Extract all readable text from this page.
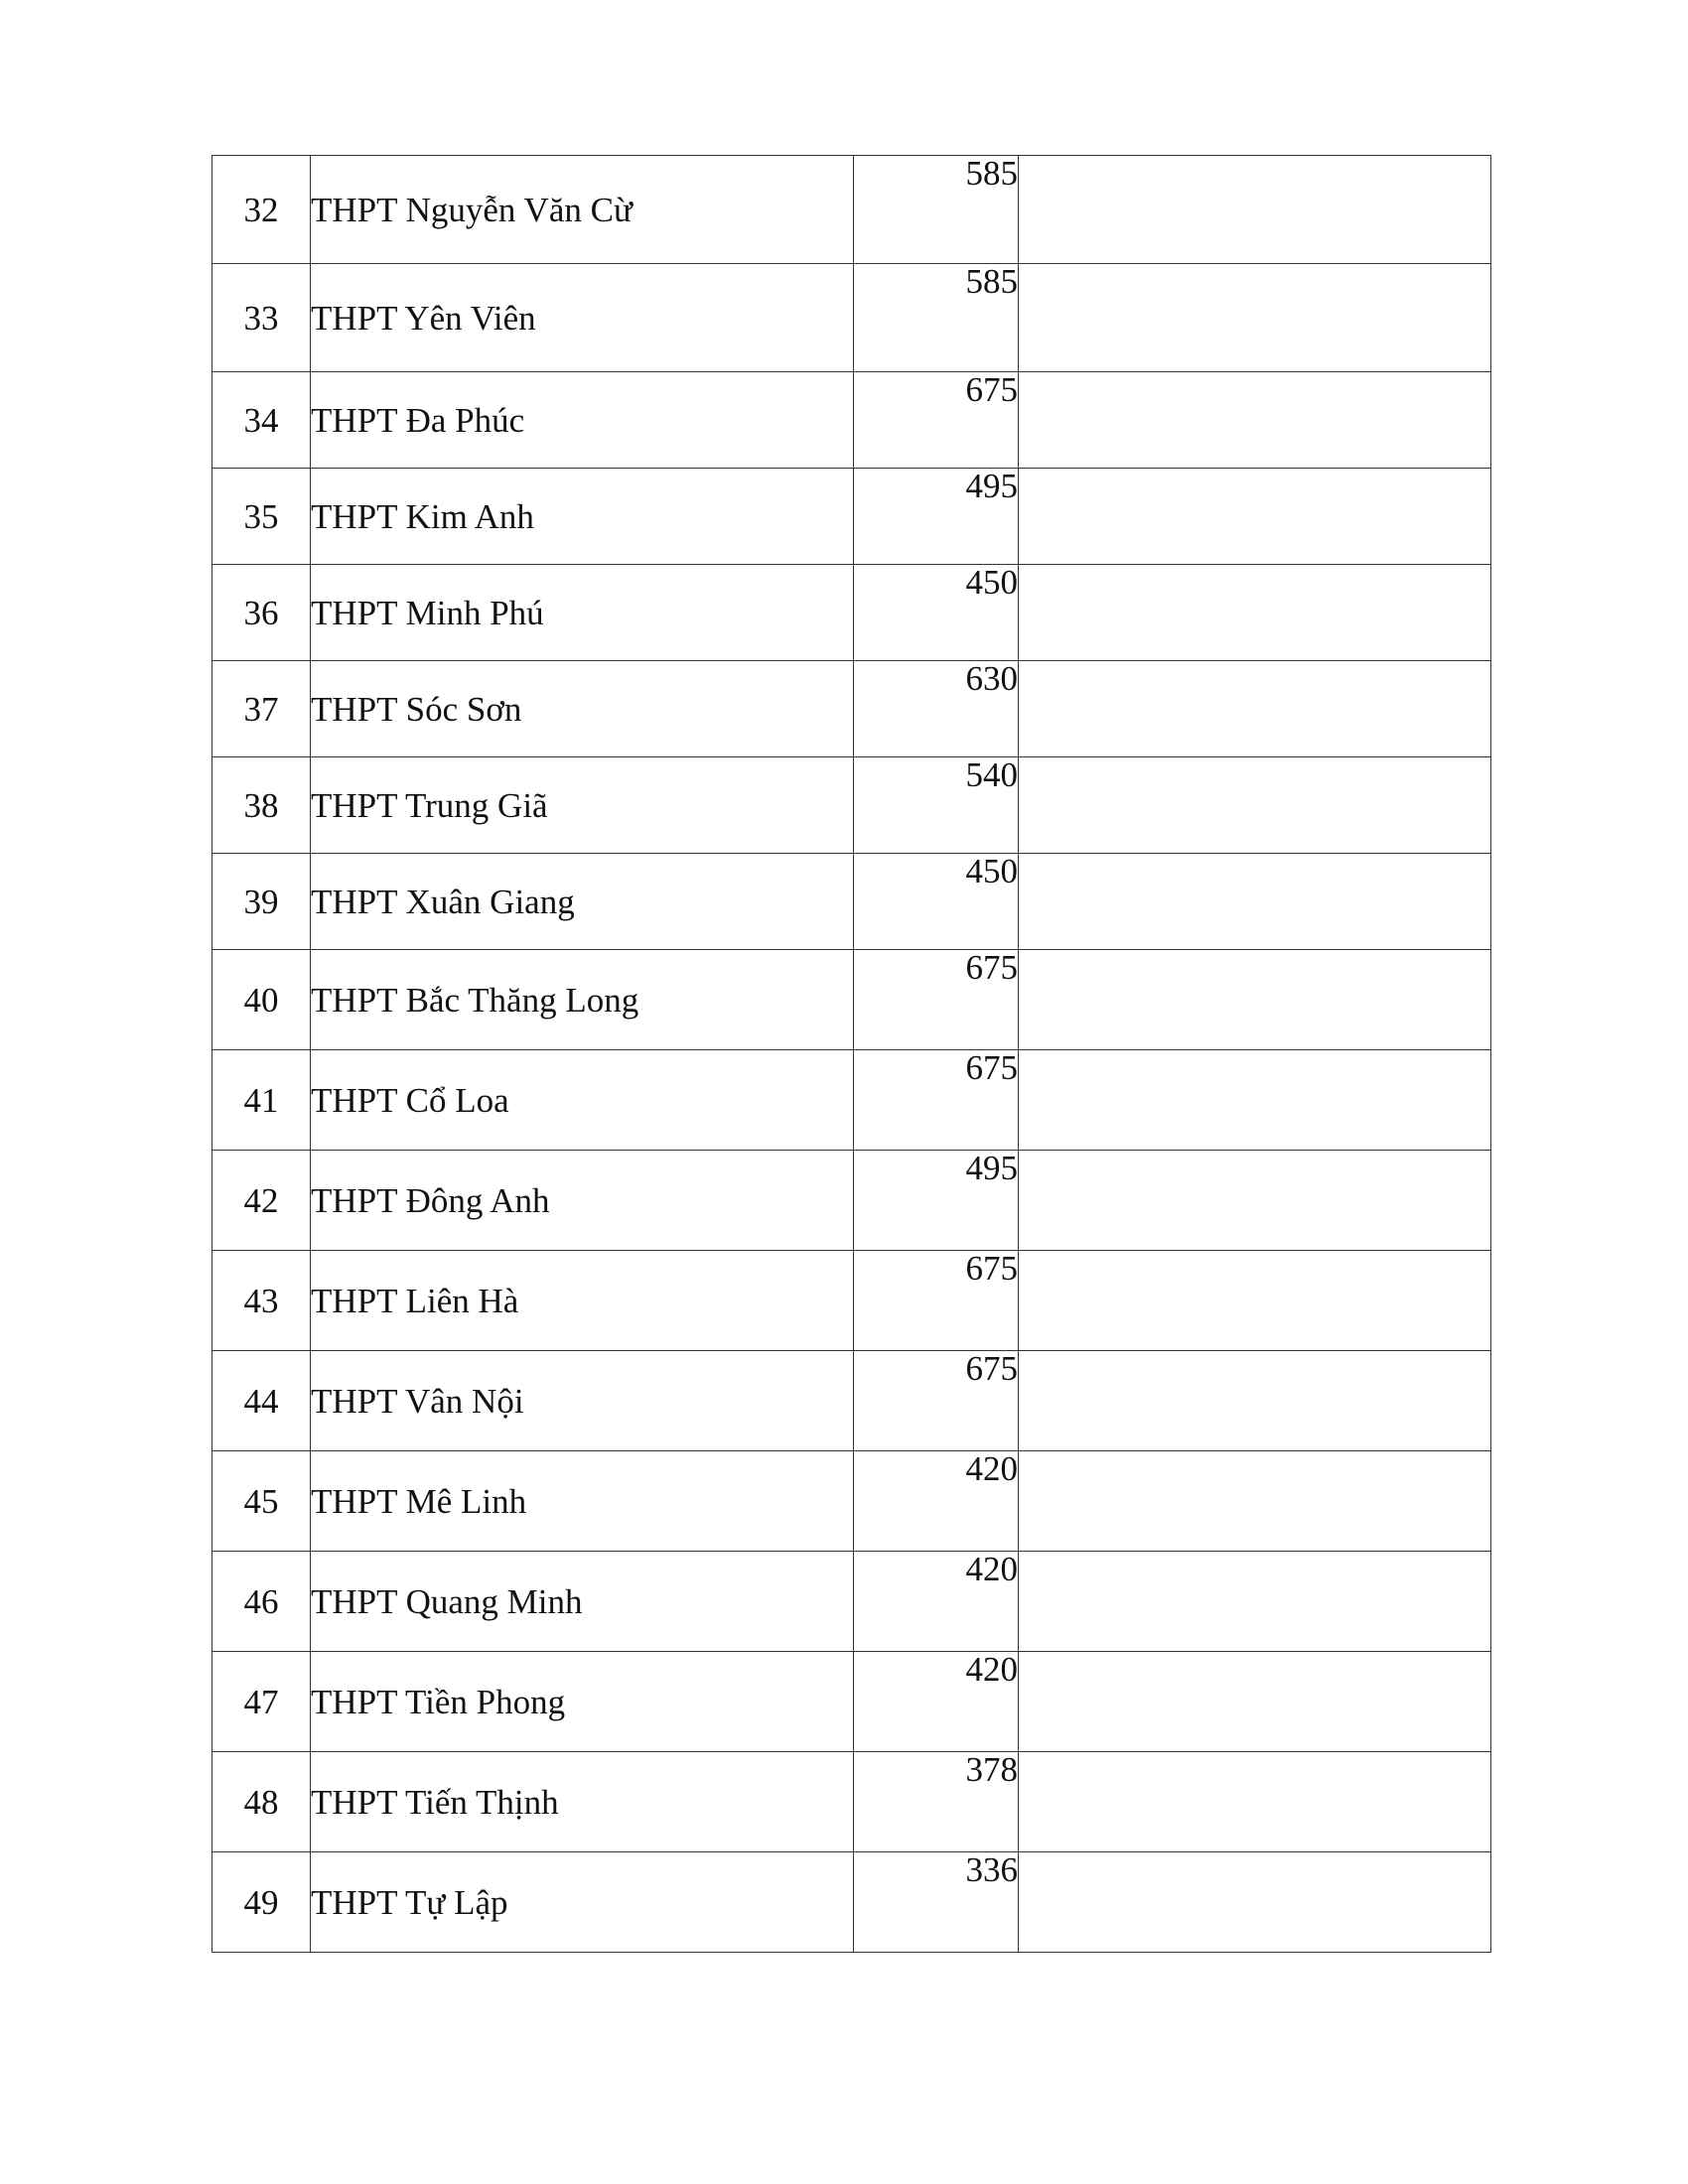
32	THPT Nguyễn Văn Cừ	585	
33	THPT Yên Viên	585	
34	THPT Đa Phúc	675	
35	THPT Kim Anh	495	
36	THPT Minh Phú	450	
37	THPT Sóc Sơn	630	
38	THPT Trung Giã	540	
39	THPT Xuân Giang	450	
40	THPT Bắc Thăng Long	675	
41	THPT Cổ Loa	675	
42	THPT Đông Anh	495	
43	THPT Liên Hà	675	
44	THPT Vân Nội	675	
45	THPT Mê Linh	420	
46	THPT Quang Minh	420	
47	THPT Tiền Phong	420	
48	THPT Tiến Thịnh	378	
49	THPT Tự Lập	336	
